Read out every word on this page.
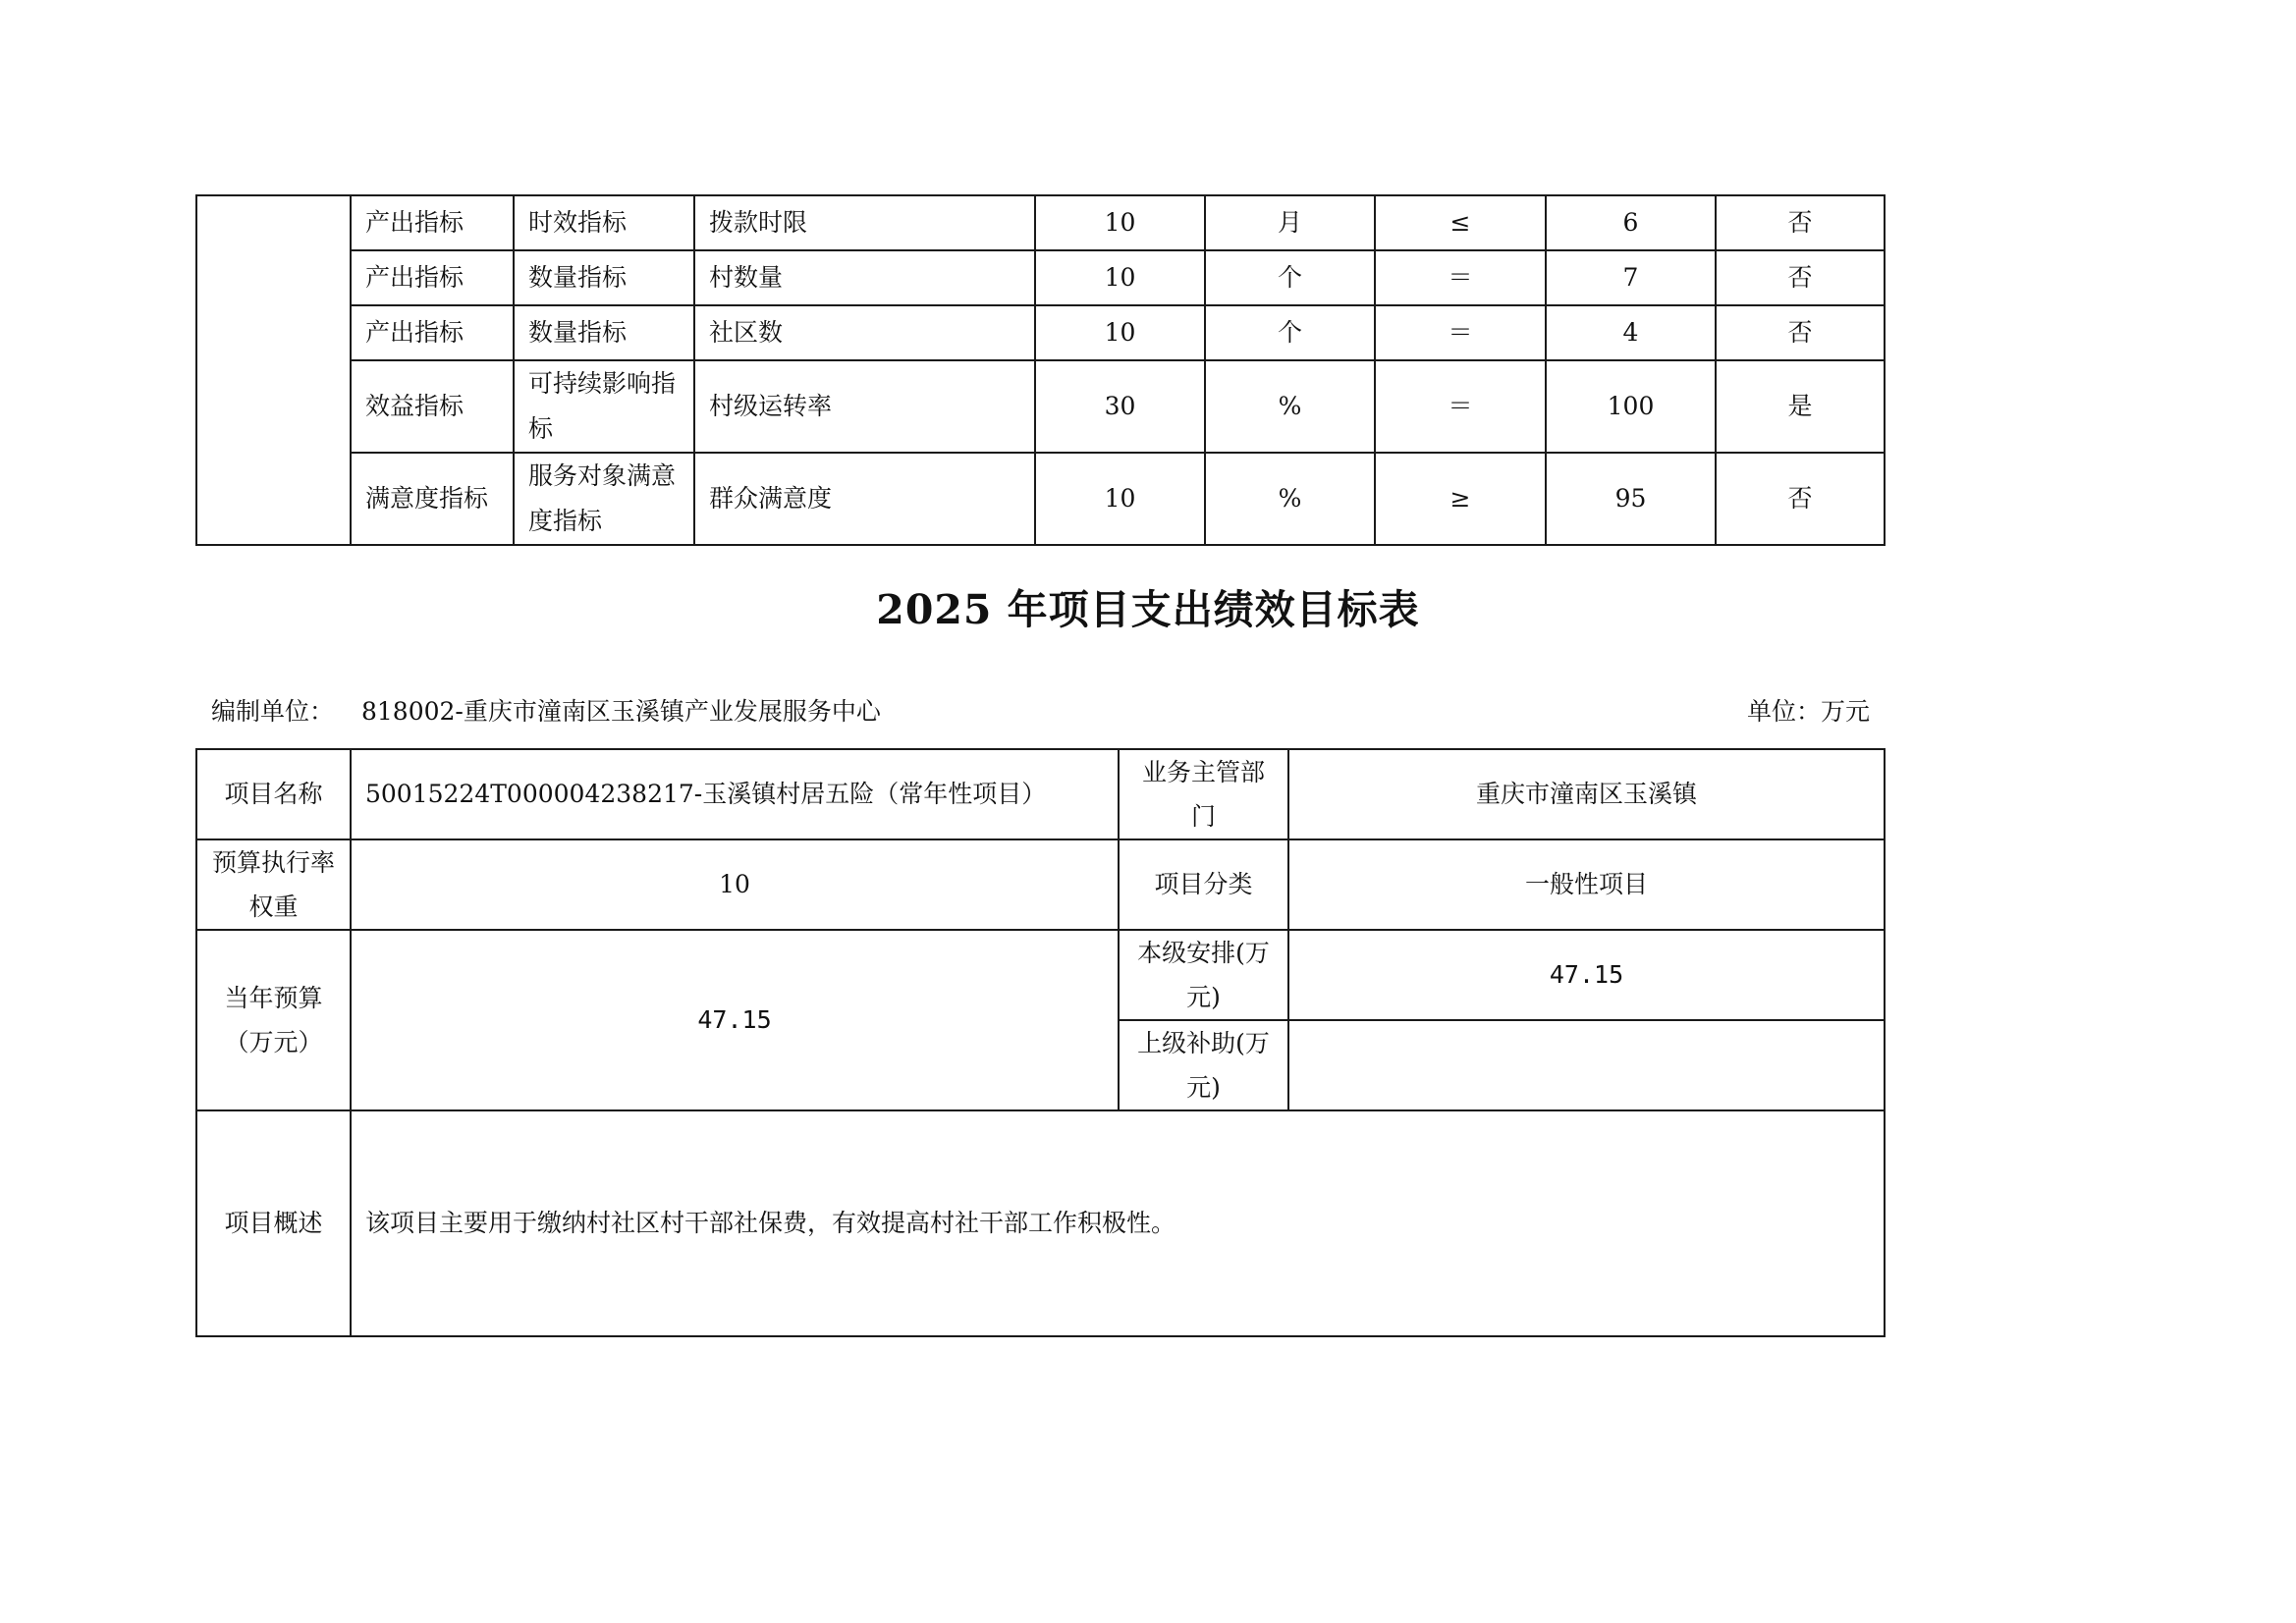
	产出指标	时效指标	拨款时限	10	月	≤	6	否
	产出指标	数量指标	村数量	10	个	＝	7	否
	产出指标	数量指标	社区数	10	个	＝	4	否
	效益指标	可持续影响指标	村级运转率	30	%	＝	100	是
	满意度指标	服务对象满意度指标	群众满意度	10	%	≥	95	否
2025 年项目支出绩效目标表
编制单位： 818002-重庆市潼南区玉溪镇产业发展服务中心	单位：万元
项目名称	50015224T000004238217-玉溪镇村居五险（常年性项目）	业务主管部门	重庆市潼南区玉溪镇
预算执行率权重	10	项目分类	一般性项目
当年预算（万元）	47.15	本级安排(万元)	47.15
		上级补助(万元)	
项目概述	该项目主要用于缴纳村社区村干部社保费，有效提高村社干部工作积极性。		
